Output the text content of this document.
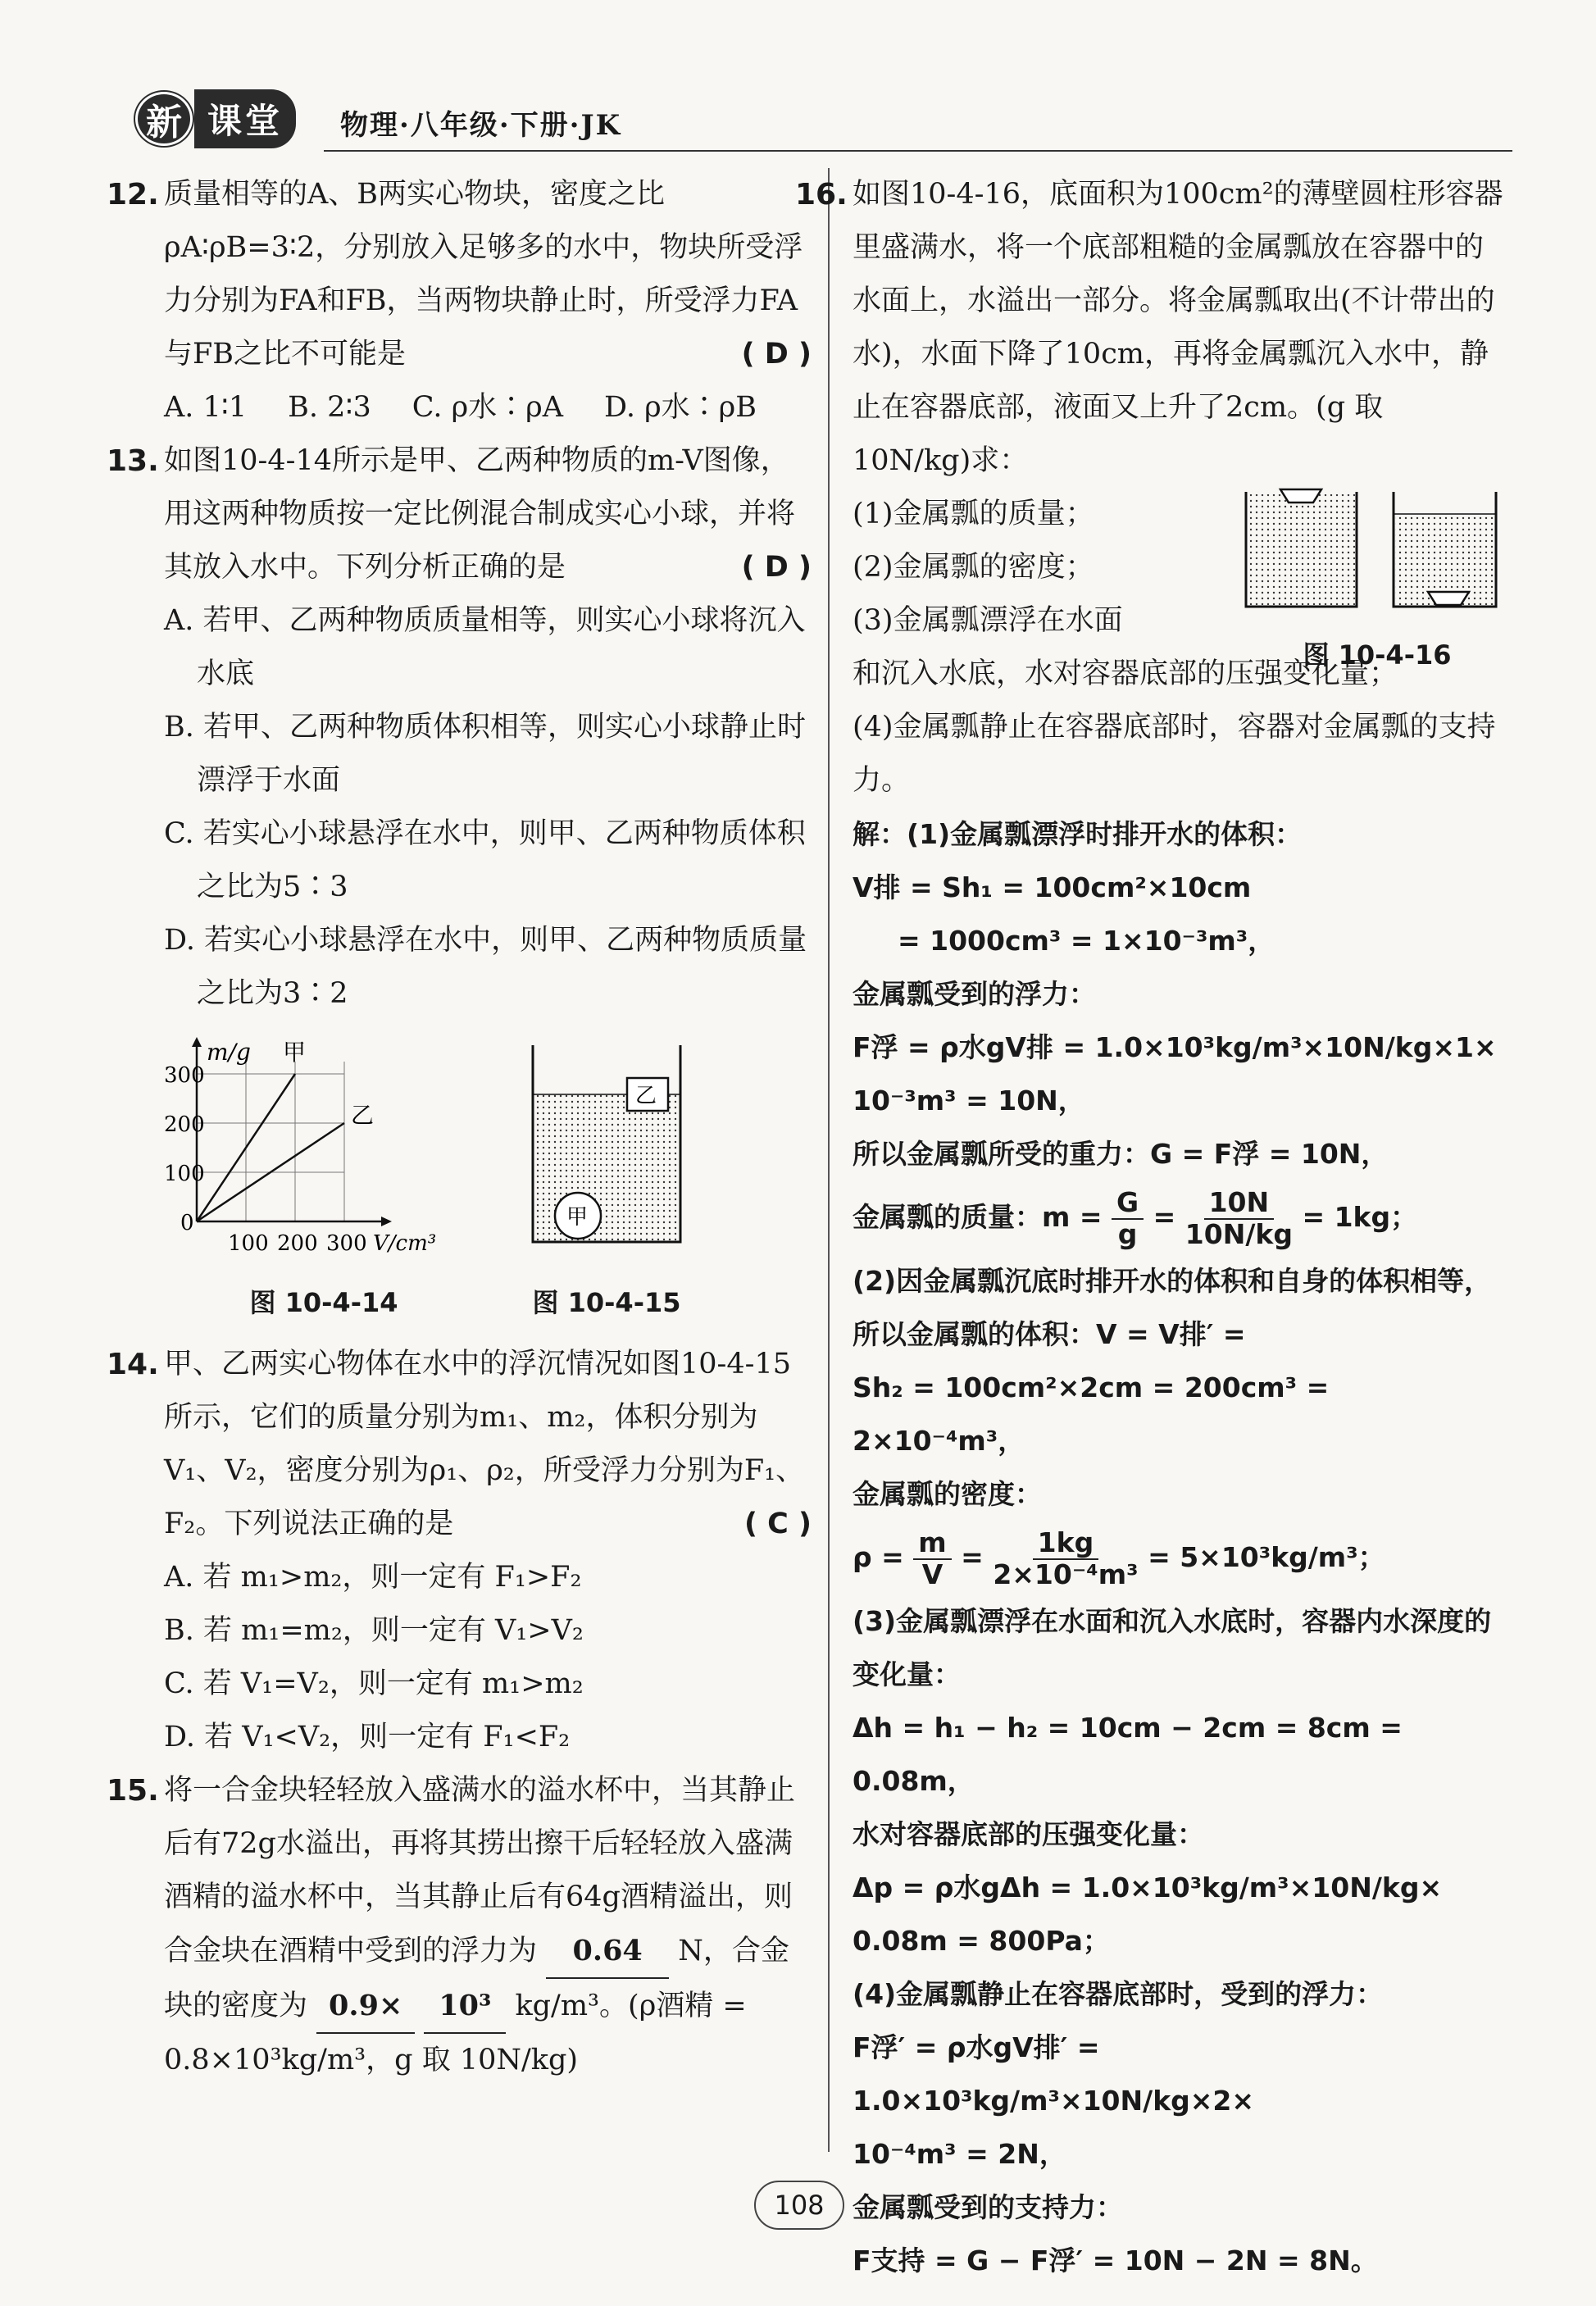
新 课堂	物理·八年级·下册·JK
12. 质量相等的A、B两实心物块，密度之比ρA∶ρB=3∶2，分别放入足够多的水中，物块所受浮力分别为FA和FB，当两物块静止时，所受浮力FA与FB之比不可能是	( D )
A. 1∶1 B. 2∶3 C. ρ水∶ρA D. ρ水∶ρB
13. 如图10-4-14所示是甲、乙两种物质的m-V图像，用这两种物质按一定比例混合制成实心小球，并将其放入水中。下列分析正确的是	( D )
A. 若甲、乙两种物质质量相等，则实心小球将沉入水底
B. 若甲、乙两种物质体积相等，则实心小球静止时漂浮于水面
C. 若实心小球悬浮在水中，则甲、乙两种物质体积之比为5∶3
D. 若实心小球悬浮在水中，则甲、乙两种物质质量之比为3∶2
m/g 甲
乙
300
200
100
0
100 200 300 V/cm³
图 10-4-14
乙
甲
图 10-4-15
14. 甲、乙两实心物体在水中的浮沉情况如图10-4-15所示，它们的质量分别为m₁、m₂，体积分别为V₁、V₂，密度分别为ρ₁、ρ₂，所受浮力分别为F₁、F₂。下列说法正确的是	( C )
A. 若 m₁>m₂，则一定有 F₁>F₂
B. 若 m₁=m₂，则一定有 V₁>V₂
C. 若 V₁=V₂，则一定有 m₁>m₂
D. 若 V₁<V₂，则一定有 F₁<F₂
15. 将一合金块轻轻放入盛满水的溢水杯中，当其静止后有72g水溢出，再将其捞出擦干后轻轻放入盛满酒精的溢水杯中，当其静止后有64g酒精溢出，则合金块在酒精中受到的浮力为 0.64 N，合金块的密度为 0.9× 10³ kg/m³。(ρ酒精 = 0.8×10³kg/m³，g 取 10N/kg)
16. 如图10-4-16，底面积为100cm²的薄壁圆柱形容器里盛满水，将一个底部粗糙的金属瓢放在容器中的水面上，水溢出一部分。将金属瓢取出(不计带出的水)，水面下降了10cm，再将金属瓢沉入水中，静止在容器底部，液面又上升了2cm。(g 取 10N/kg)求：
(1)金属瓢的质量；
(2)金属瓢的密度；
(3)金属瓢漂浮在水面
图 10-4-16
和沉入水底，水对容器底部的压强变化量；
(4)金属瓢静止在容器底部时，容器对金属瓢的支持力。
解：(1)金属瓢漂浮时排开水的体积：
V排 = Sh₁ = 100cm²×10cm
= 1000cm³ = 1×10⁻³m³，
金属瓢受到的浮力：
F浮 = ρ水gV排 = 1.0×10³kg/m³×10N/kg×1×
10⁻³m³ = 10N，
所以金属瓢所受的重力：G = F浮 = 10N，
金属瓢的质量：$m = \frac{G}{g} = \frac{10N}{10N/kg} = 1kg$；
(2)因金属瓢沉底时排开水的体积和自身的体积相等，所以金属瓢的体积：V = V排′ =
Sh₂ = 100cm²×2cm = 200cm³ = 2×10⁻⁴m³，
金属瓢的密度：
$\rho = \frac{m}{V} = \frac{1kg}{\text{2×10⁻⁴m³}} = 5\times 10^3kg/m^3$；
(3)金属瓢漂浮在水面和沉入水底时，容器内水深度的变化量：
Δh = h₁ − h₂ = 10cm − 2cm = 8cm = 0.08m，
水对容器底部的压强变化量：
Δp = ρ水gΔh = 1.0×10³kg/m³×10N/kg×
0.08m = 800Pa；
(4)金属瓢静止在容器底部时，受到的浮力：
F浮′ = ρ水gV排′ = 1.0×10³kg/m³×10N/kg×2×
10⁻⁴m³ = 2N，
金属瓢受到的支持力：
F支持 = G − F浮′ = 10N − 2N = 8N。
108
